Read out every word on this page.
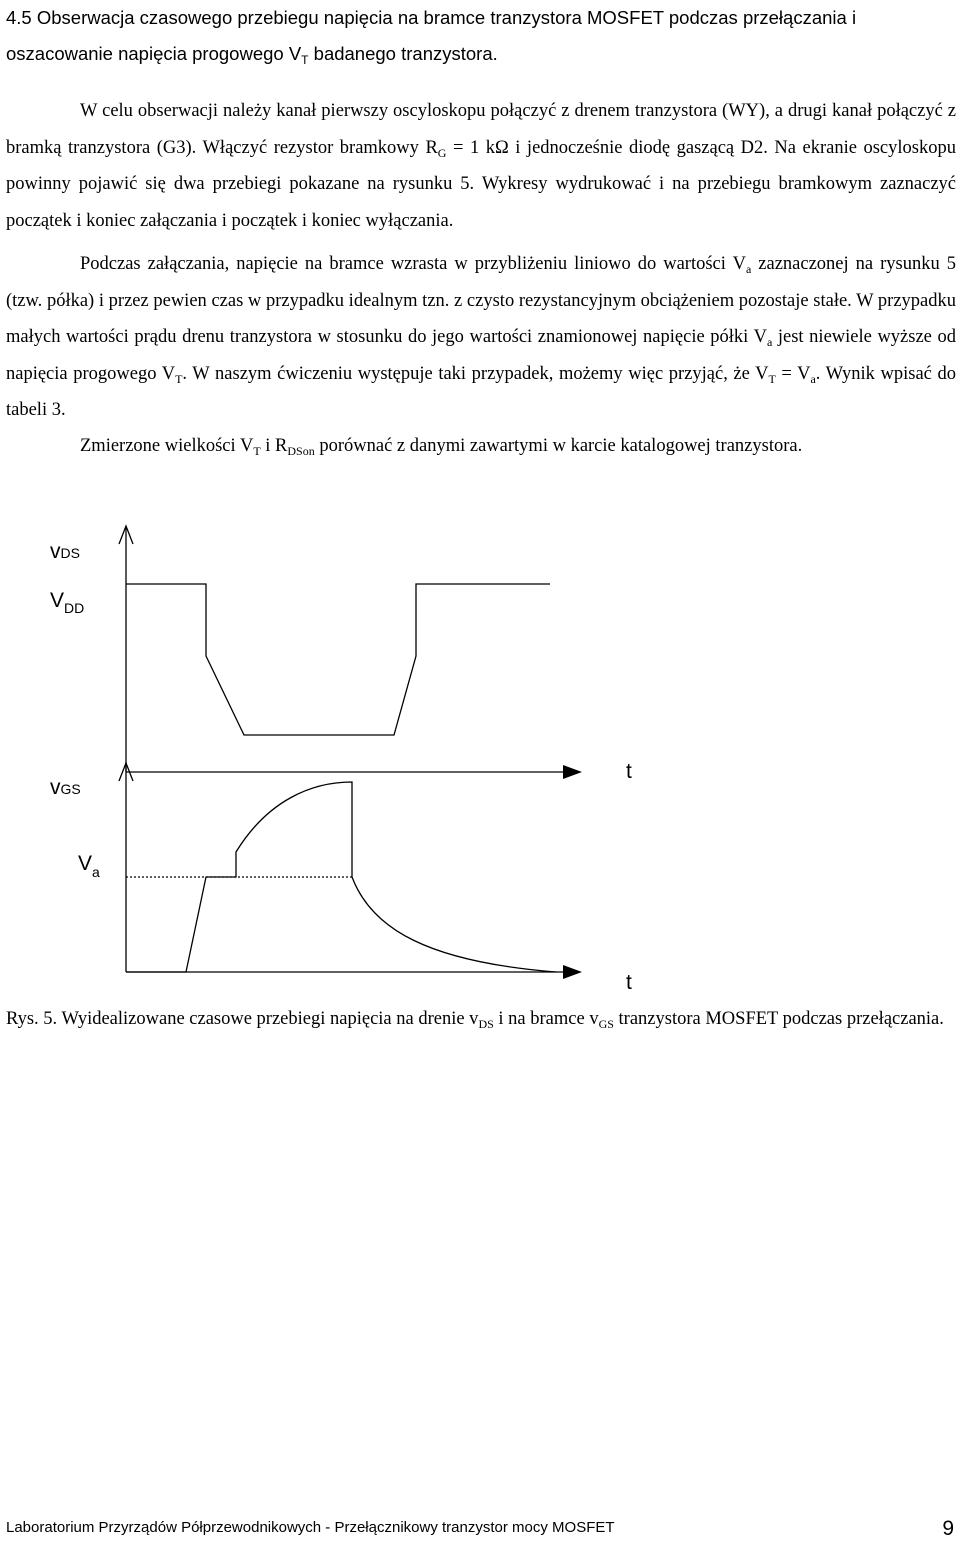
4.5 Obserwacja czasowego przebiegu napięcia na bramce tranzystora MOSFET podczas przełączania i
oszacowanie napięcia progowego $V_T$ badanego tranzystora.

W celu obserwacji należy kanał pierwszy oscyloskopu połączyć z drenem tranzystora (WY), a drugi kanał połączyć z bramką tranzystora (G3). Włączyć rezystor bramkowy $R_G = 1$ kΩ i jednocześnie diodę gaszącą D2. Na ekranie oscyloskopu powinny pojawić się dwa przebiegi pokazane na rysunku 5. Wykresy wydrukować i na przebiegu bramkowym zaznaczyć początek i koniec załączania i początek i koniec wyłączania.

Podczas załączania, napięcie na bramce wzrasta w przybliżeniu liniowo do wartości $V_a$ zaznaczonej na rysunku 5 (tzw. półka) i przez pewien czas w przypadku idealnym tzn. z czysto rezystancyjnym obciążeniem pozostaje stałe. W przypadku małych wartości prądu drenu tranzystora w stosunku do jego wartości znamionowej napięcie półki $V_a$ jest niewiele wyższe od napięcia progowego $V_T$. W naszym ćwiczeniu występuje taki przypadek, możemy więc przyjąć, że $V_T = V_a$. Wynik wpisać do tabeli 3.

Zmierzone wielkości $V_T$ i $R_{DSon}$ porównać z danymi zawartymi w karcie katalogowej tranzystora.

vDS
$V_{DD}$
vGS
$V_a$
t
t

Rys. 5. Wyidealizowane czasowe przebiegi napięcia na drenie $v_{DS}$ i na bramce $v_{GS}$ tranzystora MOSFET podczas przełączania.

Laboratorium Przyrządów Półprzewodnikowych - Przełącznikowy tranzystor mocy MOSFET	9
